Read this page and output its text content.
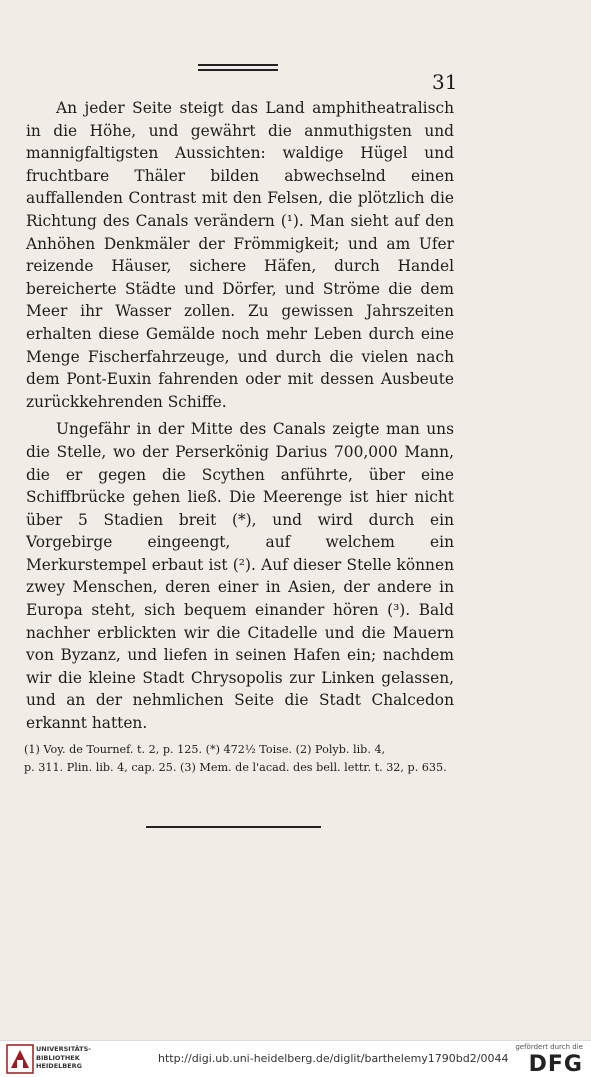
31

An jeder Seite steigt das Land amphitheatralisch in die Höhe, und gewährt die anmuthigsten und mannigfaltigsten Aussichten: waldige Hügel und fruchtbare Thäler bilden abwechselnd einen auffallenden Contrast mit den Felsen, die plötzlich die Richtung des Canals verändern (¹). Man sieht auf den Anhöhen Denkmäler der Frömmigkeit; und am Ufer reizende Häuser, sichere Häfen, durch Handel bereicherte Städte und Dörfer, und Ströme die dem Meer ihr Wasser zollen. Zu gewissen Jahrszeiten erhalten diese Gemälde noch mehr Leben durch eine Menge Fischerfahrzeuge, und durch die vielen nach dem Pont-Euxin fahrenden oder mit dessen Ausbeute zurückkehrenden Schiffe.

Ungefähr in der Mitte des Canals zeigte man uns die Stelle, wo der Perserkönig Darius 700,000 Mann, die er gegen die Scythen anführte, über eine Schiffbrücke gehen ließ. Die Meerenge ist hier nicht über 5 Stadien breit (*), und wird durch ein Vorgebirge eingeengt, auf welchem ein Merkurstempel erbaut ist (²). Auf dieser Stelle können zwey Menschen, deren einer in Asien, der andere in Europa steht, sich bequem einander hören (³). Bald nachher erblickten wir die Citadelle und die Mauern von Byzanz, und liefen in seinen Hafen ein; nachdem wir die kleine Stadt Chrysopolis zur Linken gelassen, und an der nehmlichen Seite die Stadt Chalcedon erkannt hatten.

(1) Voy. de Tournef. t. 2, p. 125. (*) 472½ Toise. (2) Polyb. lib. 4,
p. 311. Plin. lib. 4, cap. 25. (3) Mem. de l'acad. des bell. lettr. t. 32, p. 635.
UNIVERSITÄTS-
BIBLIOTHEK
HEIDELBERG
http://digi.ub.uni-heidelberg.de/diglit/barthelemy1790bd2/0044
gefördert durch die
DFG
